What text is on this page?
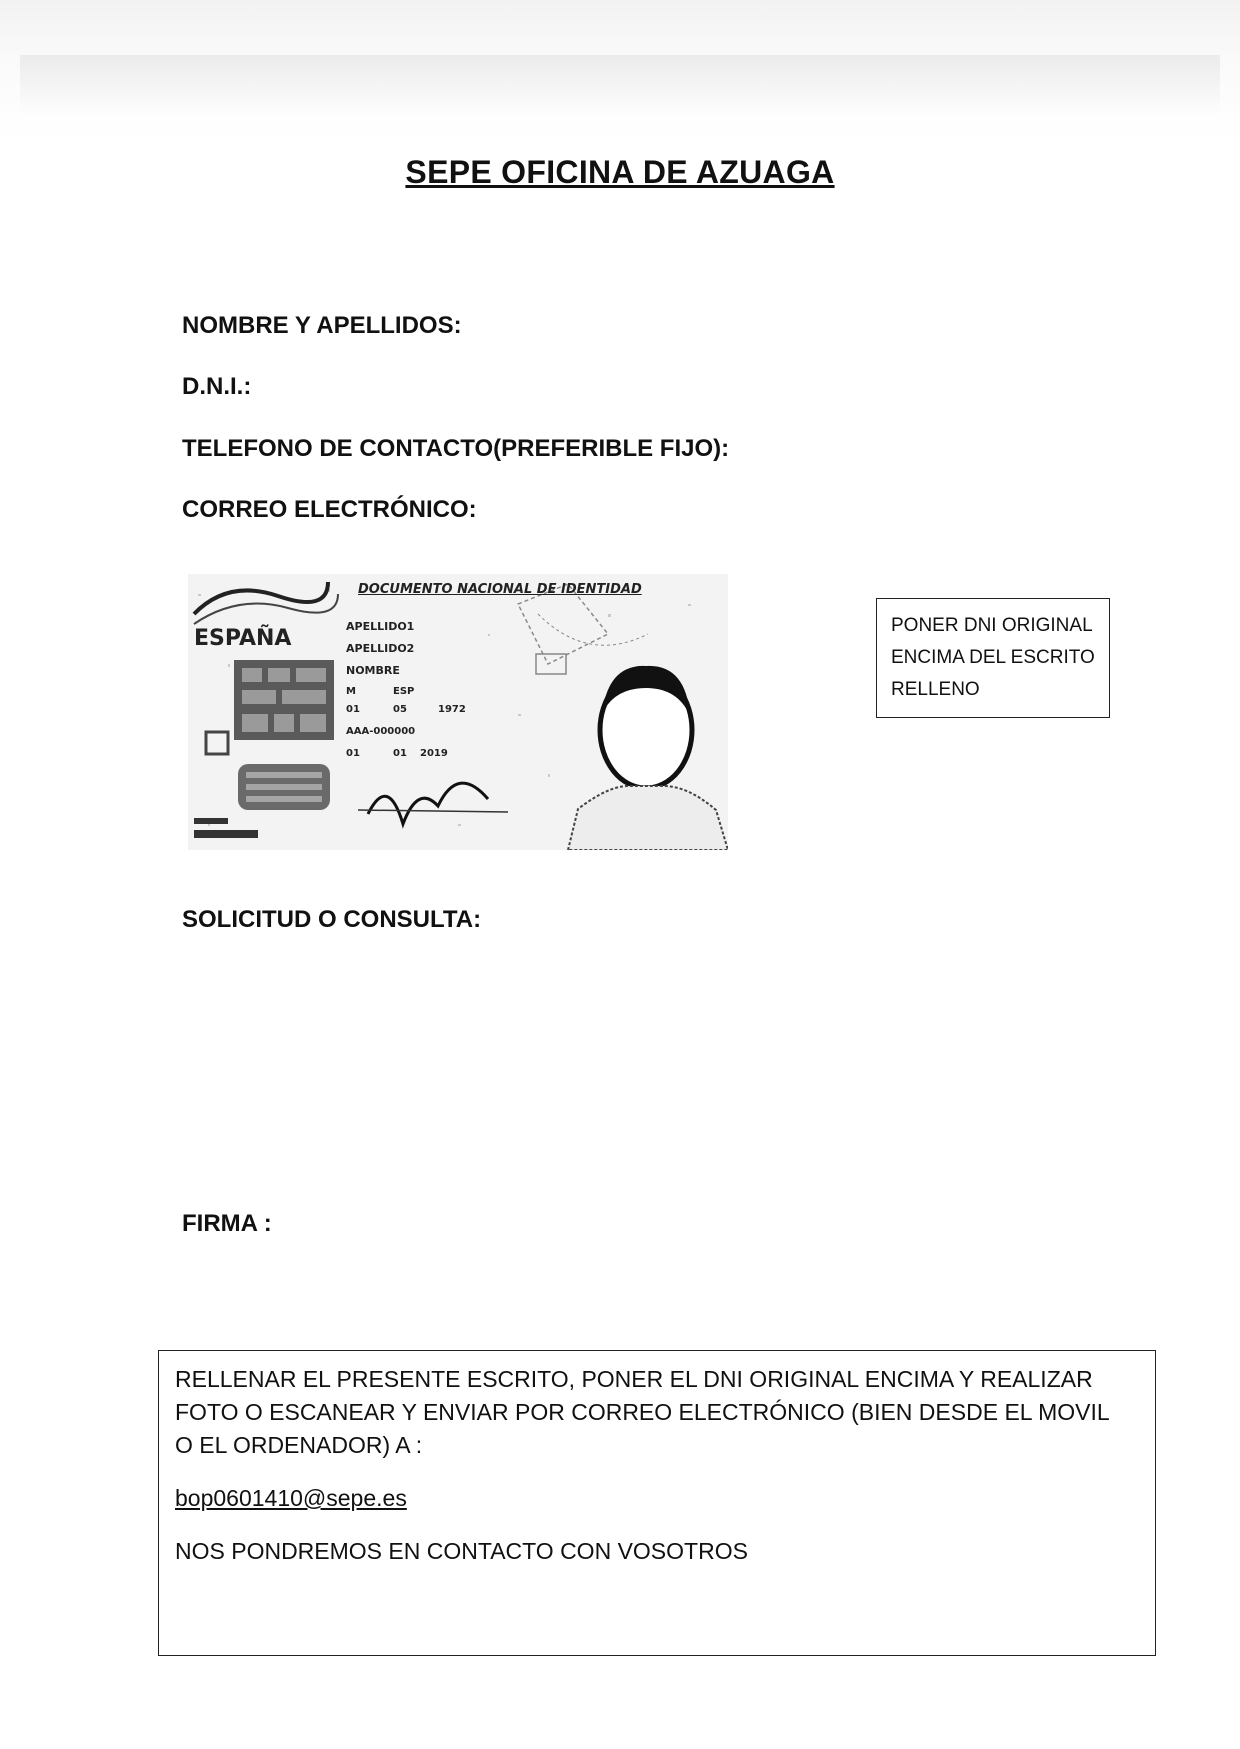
SEPE OFICINA DE AZUAGA
NOMBRE Y APELLIDOS:
D.N.I.:
TELEFONO DE CONTACTO(PREFERIBLE FIJO):
CORREO ELECTRÓNICO:
DOCUMENTO NACIONAL DE IDENTIDAD
ESPAÑA	APELLIDO1
APELLIDO2
NOMBRE
M	ESP
01	05	1972
AAA-000000
01	01 2019
PONER DNI ORIGINAL
ENCIMA DEL ESCRITO
RELLENO
SOLICITUD O CONSULTA:
FIRMA :
RELLENAR EL PRESENTE ESCRITO, PONER EL DNI ORIGINAL ENCIMA Y REALIZAR
FOTO O ESCANEAR Y ENVIAR POR CORREO ELECTRÓNICO (BIEN DESDE EL MOVIL
O EL ORDENADOR) A :
bop0601410@sepe.es
NOS PONDREMOS EN CONTACTO CON VOSOTROS
